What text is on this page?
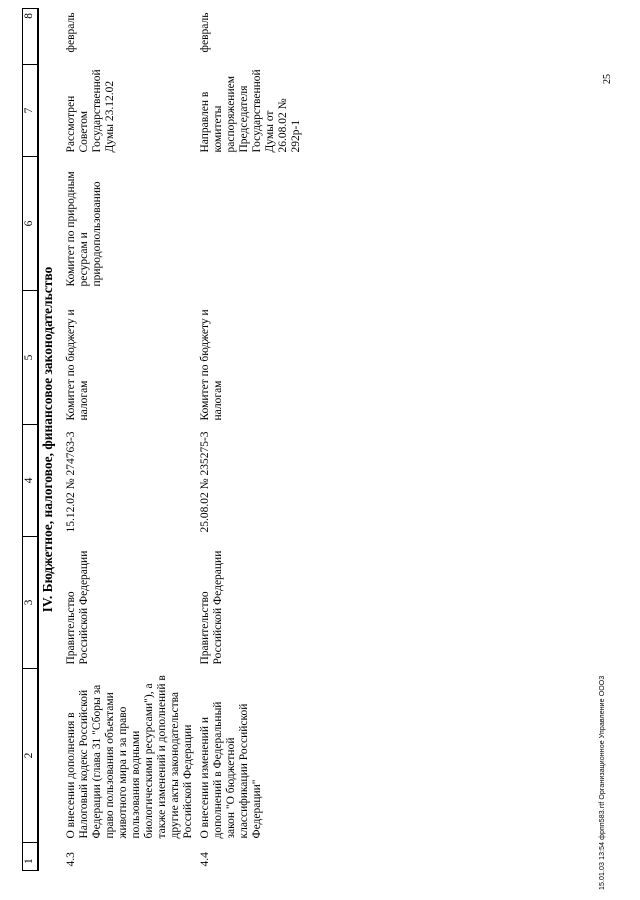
1	2	3	4	5	6	7	8
IV. Бюджетное, налоговое, финансовое законодательство							
4.3	О внесении дополнения в Налоговый кодекс Российской Федерации (глава 31 "Сборы за право пользования объектами животного мира и за право пользования водными биологическими ресурсами"), а также изменений и дополнений в другие акты законодательства Российской Федерации	Правительство Российской Федерации	15.12.02 № 274763-3	Комитет по бюджету и налогам	Комитет по природным ресурсам и природопользованию	Рассмотрен Советом Государственной Думы 23.12.02	февраль
4.4	О внесении изменений и дополнений в Федеральный закон "О бюджетной классификации Российской Федерации"	Правительство Российской Федерации	25.08.02 № 235275-3	Комитет по бюджету и налогам		Направлен в комитеты распоряжением Председателя Государственной Думы от 26.08.02 № 292р-1	февраль
15.01.03 13:54 фрпп583.rtf Организационное Управление ООО3
25
